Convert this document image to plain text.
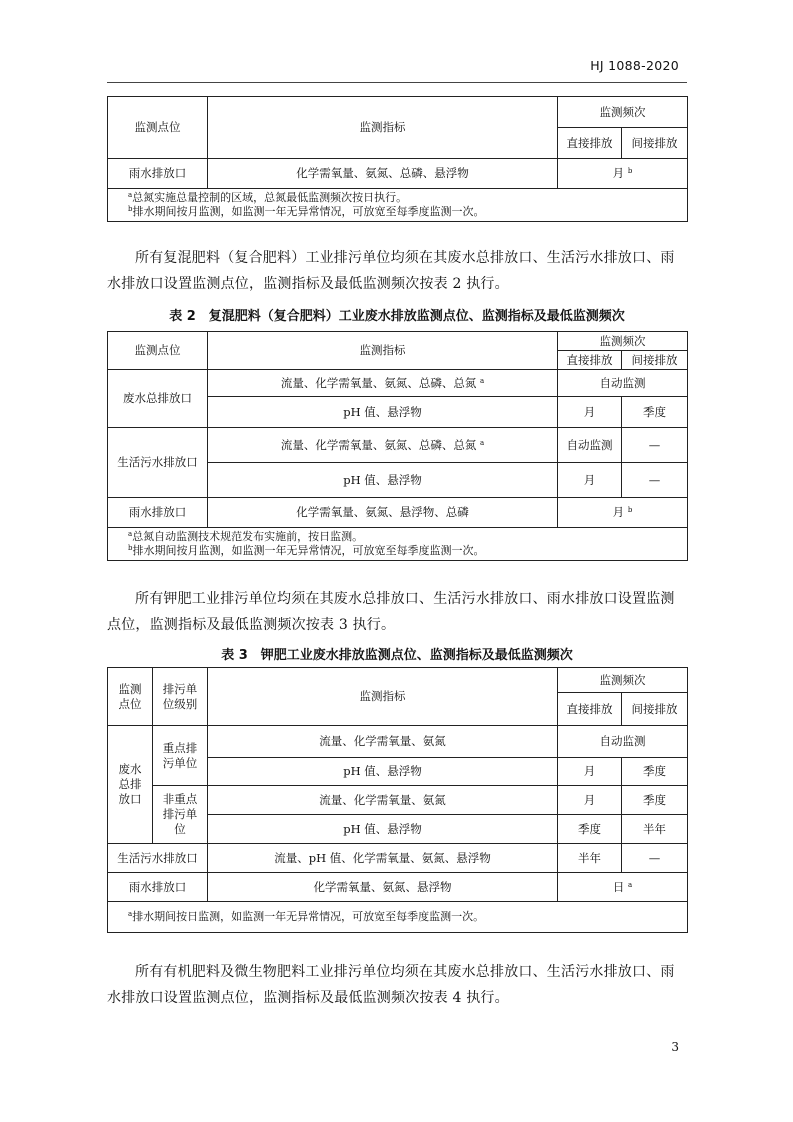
HJ 1088-2020
监测点位	监测指标	监测频次	
		直接排放	间接排放
雨水排放口	化学需氧量、氨氮、总磷、悬浮物	月 $^b$

$^a$总氮实施总量控制的区域，总氮最低监测频次按日执行。
$^b$排水期间按月监测，如监测一年无异常情况，可放宽至每季度监测一次。			

所有复混肥料（复合肥料）工业排污单位均须在其废水总排放口、生活污水排放口、雨水排放口设置监测点位，监测指标及最低监测频次按表 2 执行。

表 2　复混肥料（复合肥料）工业废水排放监测点位、监测指标及最低监测频次

监测点位	监测指标	监测频次	
		直接排放	间接排放
废水总排放口	流量、化学需氧量、氨氮、总磷、总氮 $^a$	自动监测	
	pH 值、悬浮物	月	季度
生活污水排放口	流量、化学需氧量、氨氮、总磷、总氮 $^a$	自动监测	—
	pH 值、悬浮物	月	—
雨水排放口	化学需氧量、氨氮、悬浮物、总磷	月 $^b$

$^a$总氮自动监测技术规范发布实施前，按日监测。
$^b$排水期间按月监测，如监测一年无异常情况，可放宽至每季度监测一次。			

所有钾肥工业排污单位均须在其废水总排放口、生活污水排放口、雨水排放口设置监测点位，监测指标及最低监测频次按表 3 执行。

表 3　钾肥工业废水排放监测点位、监测指标及最低监测频次

监测点位	排污单位级别	监测指标	监测频次	
			直接排放	间接排放

废水总排放口	重点排污单位	流量、化学需氧量、氨氮	自动监测	
		pH 值、悬浮物	月	季度

	非重点排污单位	流量、化学需氧量、氨氮	月	季度
		pH 值、悬浮物	季度	半年
生活污水排放口		流量、pH 值、化学需氧量、氨氮、悬浮物	半年	—
雨水排放口		化学需氧量、氨氮、悬浮物	日 $^a$

$^a$排水期间按日监测，如监测一年无异常情况，可放宽至每季度监测一次。				

所有有机肥料及微生物肥料工业排污单位均须在其废水总排放口、生活污水排放口、雨水排放口设置监测点位，监测指标及最低监测频次按表 4 执行。

3
